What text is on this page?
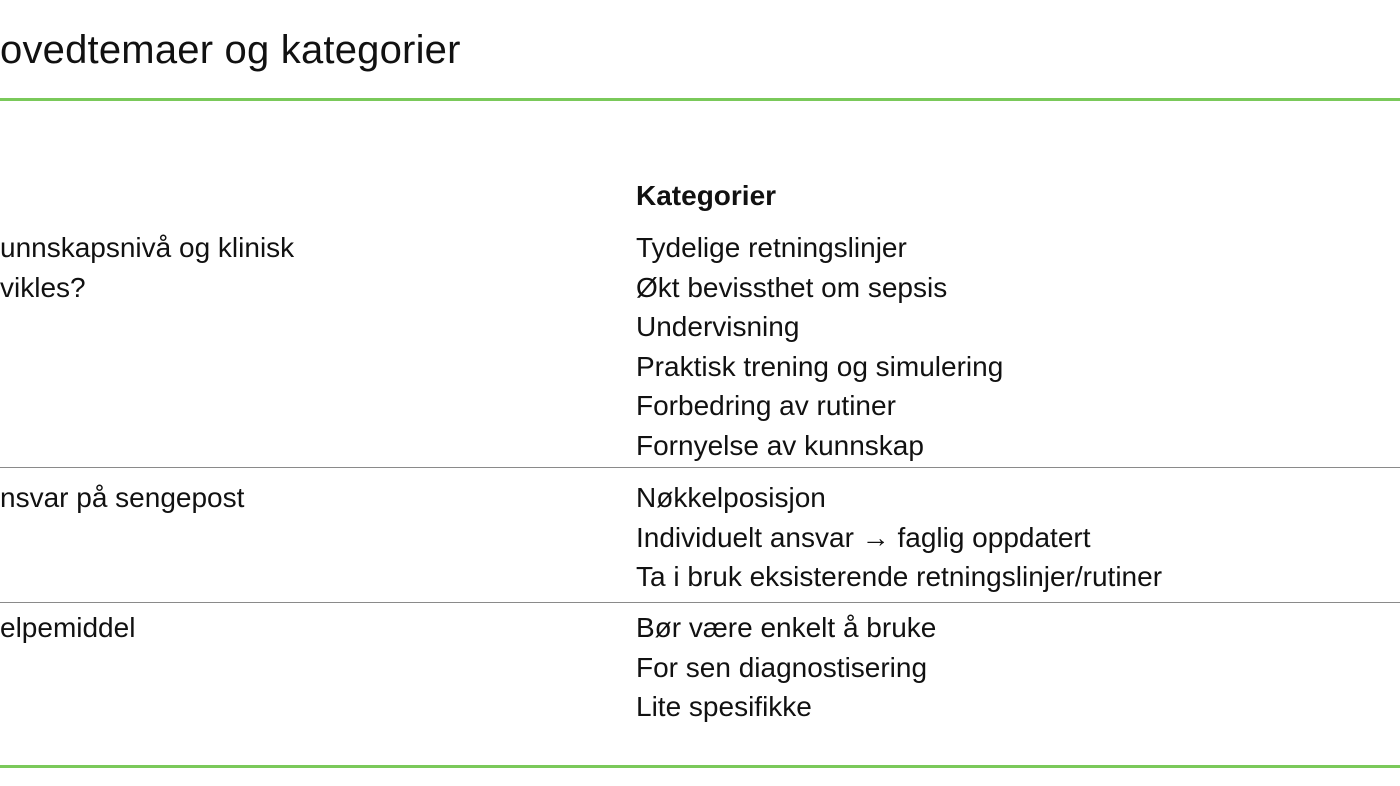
ovedtemaer og kategorier
Kategorier
unnskapsnivå og klinisk
vikles?
Tydelige retningslinjer
Økt bevissthet om sepsis
Undervisning
Praktisk trening og simulering
Forbedring av rutiner
Fornyelse av kunnskap
nsvar på sengepost	Nøkkelposisjon
Individuelt ansvar → faglig oppdatert
Ta i bruk eksisterende retningslinjer/rutiner
elpemiddel	Bør være enkelt å bruke
For sen diagnostisering
Lite spesifikke
